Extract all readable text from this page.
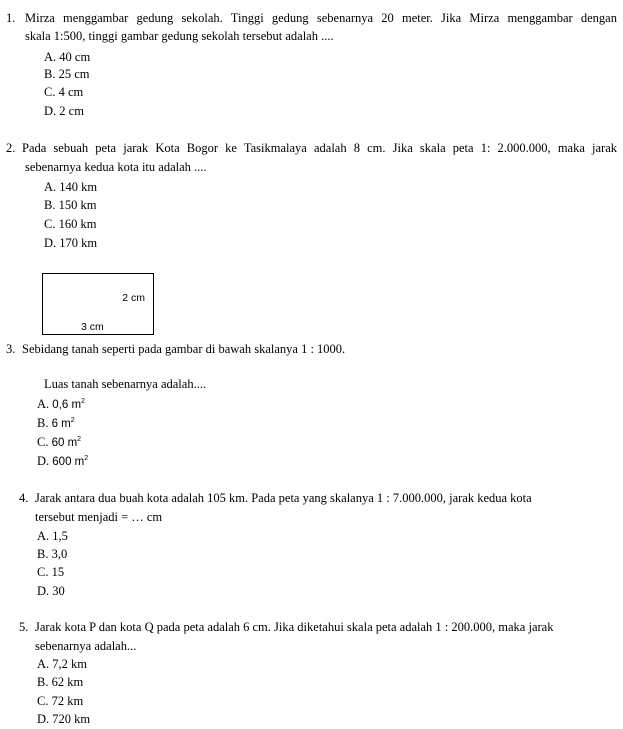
1. Mirza menggambar gedung sekolah. Tinggi gedung sebenarnya 20 meter. Jika Mirza menggambar dengan
skala 1:500, tinggi gambar gedung sekolah tersebut adalah ....
A. 40 cm
B. 25 cm
C. 4 cm
D. 2 cm
2. Pada sebuah peta jarak Kota Bogor ke Tasikmalaya adalah 8 cm. Jika skala peta 1: 2.000.000, maka jarak
sebenarnya kedua kota itu adalah ....
A. 140 km
B. 150 km
C. 160 km
D. 170 km
2 cm
3 cm
3. Sebidang tanah seperti pada gambar di bawah skalanya 1 : 1000.
Luas tanah sebenarnya adalah....
A. 0,6 $m^2$
B. 6 $m^2$
C. 60 $m^2$
D. 600 $m^2$
4. Jarak antara dua buah kota adalah 105 km. Pada peta yang skalanya 1 : 7.000.000, jarak kedua kota
tersebut menjadi = … cm
A. 1,5
B. 3,0
C. 15
D. 30
5. Jarak kota P dan kota Q pada peta adalah 6 cm. Jika diketahui skala peta adalah 1 : 200.000, maka jarak
sebenarnya adalah...
A. 7,2 km
B. 62 km
C. 72 km
D. 720 km
